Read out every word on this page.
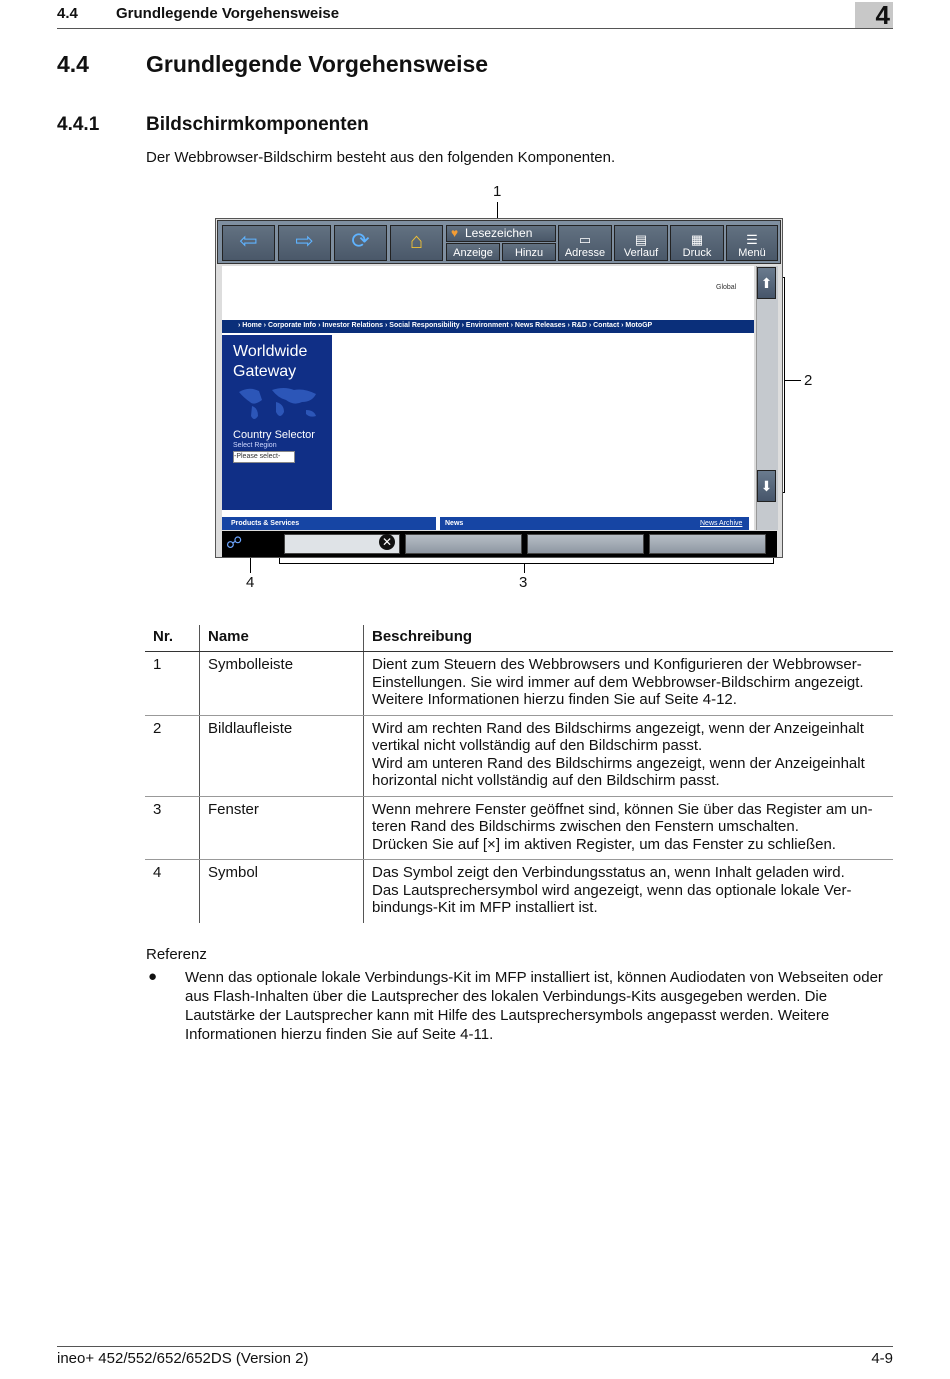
4.4	Grundlegende Vorgehensweise	4
4.4 Grundlegende Vorgehensweise
4.4.1 Bildschirmkomponenten
Der Webbrowser-Bildschirm besteht aus den folgenden Komponenten.
1
2
3
4
⇦	⇨	⟳	⌂	♥ Lesezeichen
Anzeige	Hinzu
▭
Adresse
▤
Verlauf
▦
Druck
☰
Menü
Global
› Home › Corporate Info › Investor Relations › Social Responsibility › Environment › News Releases › R&D › Contact › MotoGP
Worldwide
Gateway
Country Selector
Select Region
-Please select-
Products & Services	News	News Archive
⬆
⬇
☍	✕
Nr.	Name	Beschreibung
1	Symbolleiste	Dient zum Steuern des Webbrowsers und Konfigurieren der Webbrowser-
Einstellungen. Sie wird immer auf dem Webbrowser-Bildschirm angezeigt.
Weitere Informationen hierzu finden Sie auf Seite 4-12.

2	Bildlaufleiste	Wird am rechten Rand des Bildschirms angezeigt, wenn der Anzeigeinhalt
vertikal nicht vollständig auf den Bildschirm passt.
Wird am unteren Rand des Bildschirms angezeigt, wenn der Anzeigeinhalt
horizontal nicht vollständig auf den Bildschirm passt.

3	Fenster	Wenn mehrere Fenster geöffnet sind, können Sie über das Register am un-
teren Rand des Bildschirms zwischen den Fenstern umschalten.
Drücken Sie auf [×] im aktiven Register, um das Fenster zu schließen.

4	Symbol	Das Symbol zeigt den Verbindungsstatus an, wenn Inhalt geladen wird.
Das Lautsprechersymbol wird angezeigt, wenn das optionale lokale Ver-
bindungs-Kit im MFP installiert ist.
Referenz
● Wenn das optionale lokale Verbindungs-Kit im MFP installiert ist, können Audiodaten von Webseiten oder aus Flash-Inhalten über die Lautsprecher des lokalen Verbindungs-Kits ausgegeben werden. Die Lautstärke der Lautsprecher kann mit Hilfe des Lautsprechersymbols angepasst werden. Weitere Informationen hierzu finden Sie auf Seite 4-11.
ineo+ 452/552/652/652DS (Version 2)	4-9
